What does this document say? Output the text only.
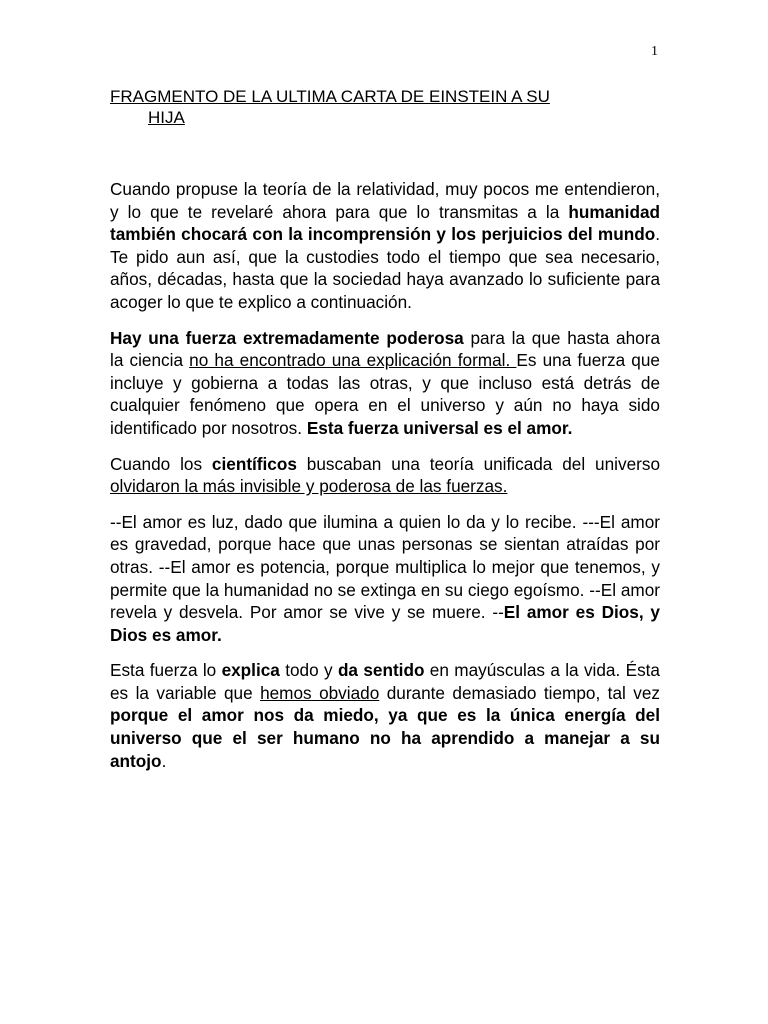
1
FRAGMENTO DE LA ULTIMA CARTA DE EINSTEIN A SU
HIJA

Cuando propuse la teoría de la relatividad, muy pocos me entendieron, y lo que te revelaré ahora para que lo transmitas a la humanidad también chocará con la incomprensión y los perjuicios del mundo. Te pido aun así, que la custodies todo el tiempo que sea necesario, años, décadas, hasta que la sociedad haya avanzado lo suficiente para acoger lo que te explico a continuación.

Hay una fuerza extremadamente poderosa para la que hasta ahora la ciencia no ha encontrado una explicación formal. Es una fuerza que incluye y gobierna a todas las otras, y que incluso está detrás de cualquier fenómeno que opera en el universo y aún no haya sido identificado por nosotros. Esta fuerza universal es el amor.

Cuando los científicos buscaban una teoría unificada del universo olvidaron la más invisible y poderosa de las fuerzas.

--El amor es luz, dado que ilumina a quien lo da y lo recibe. ---El amor es gravedad, porque hace que unas personas se sientan atraídas por otras. --El amor es potencia, porque multiplica lo mejor que tenemos, y permite que la humanidad no se extinga en su ciego egoísmo. --El amor revela y desvela. Por amor se vive y se muere. --El amor es Dios, y Dios es amor.

Esta fuerza lo explica todo y da sentido en mayúsculas a la vida. Ésta es la variable que hemos obviado durante demasiado tiempo, tal vez porque el amor nos da miedo, ya que es la única energía del universo que el ser humano no ha aprendido a manejar a su antojo.
